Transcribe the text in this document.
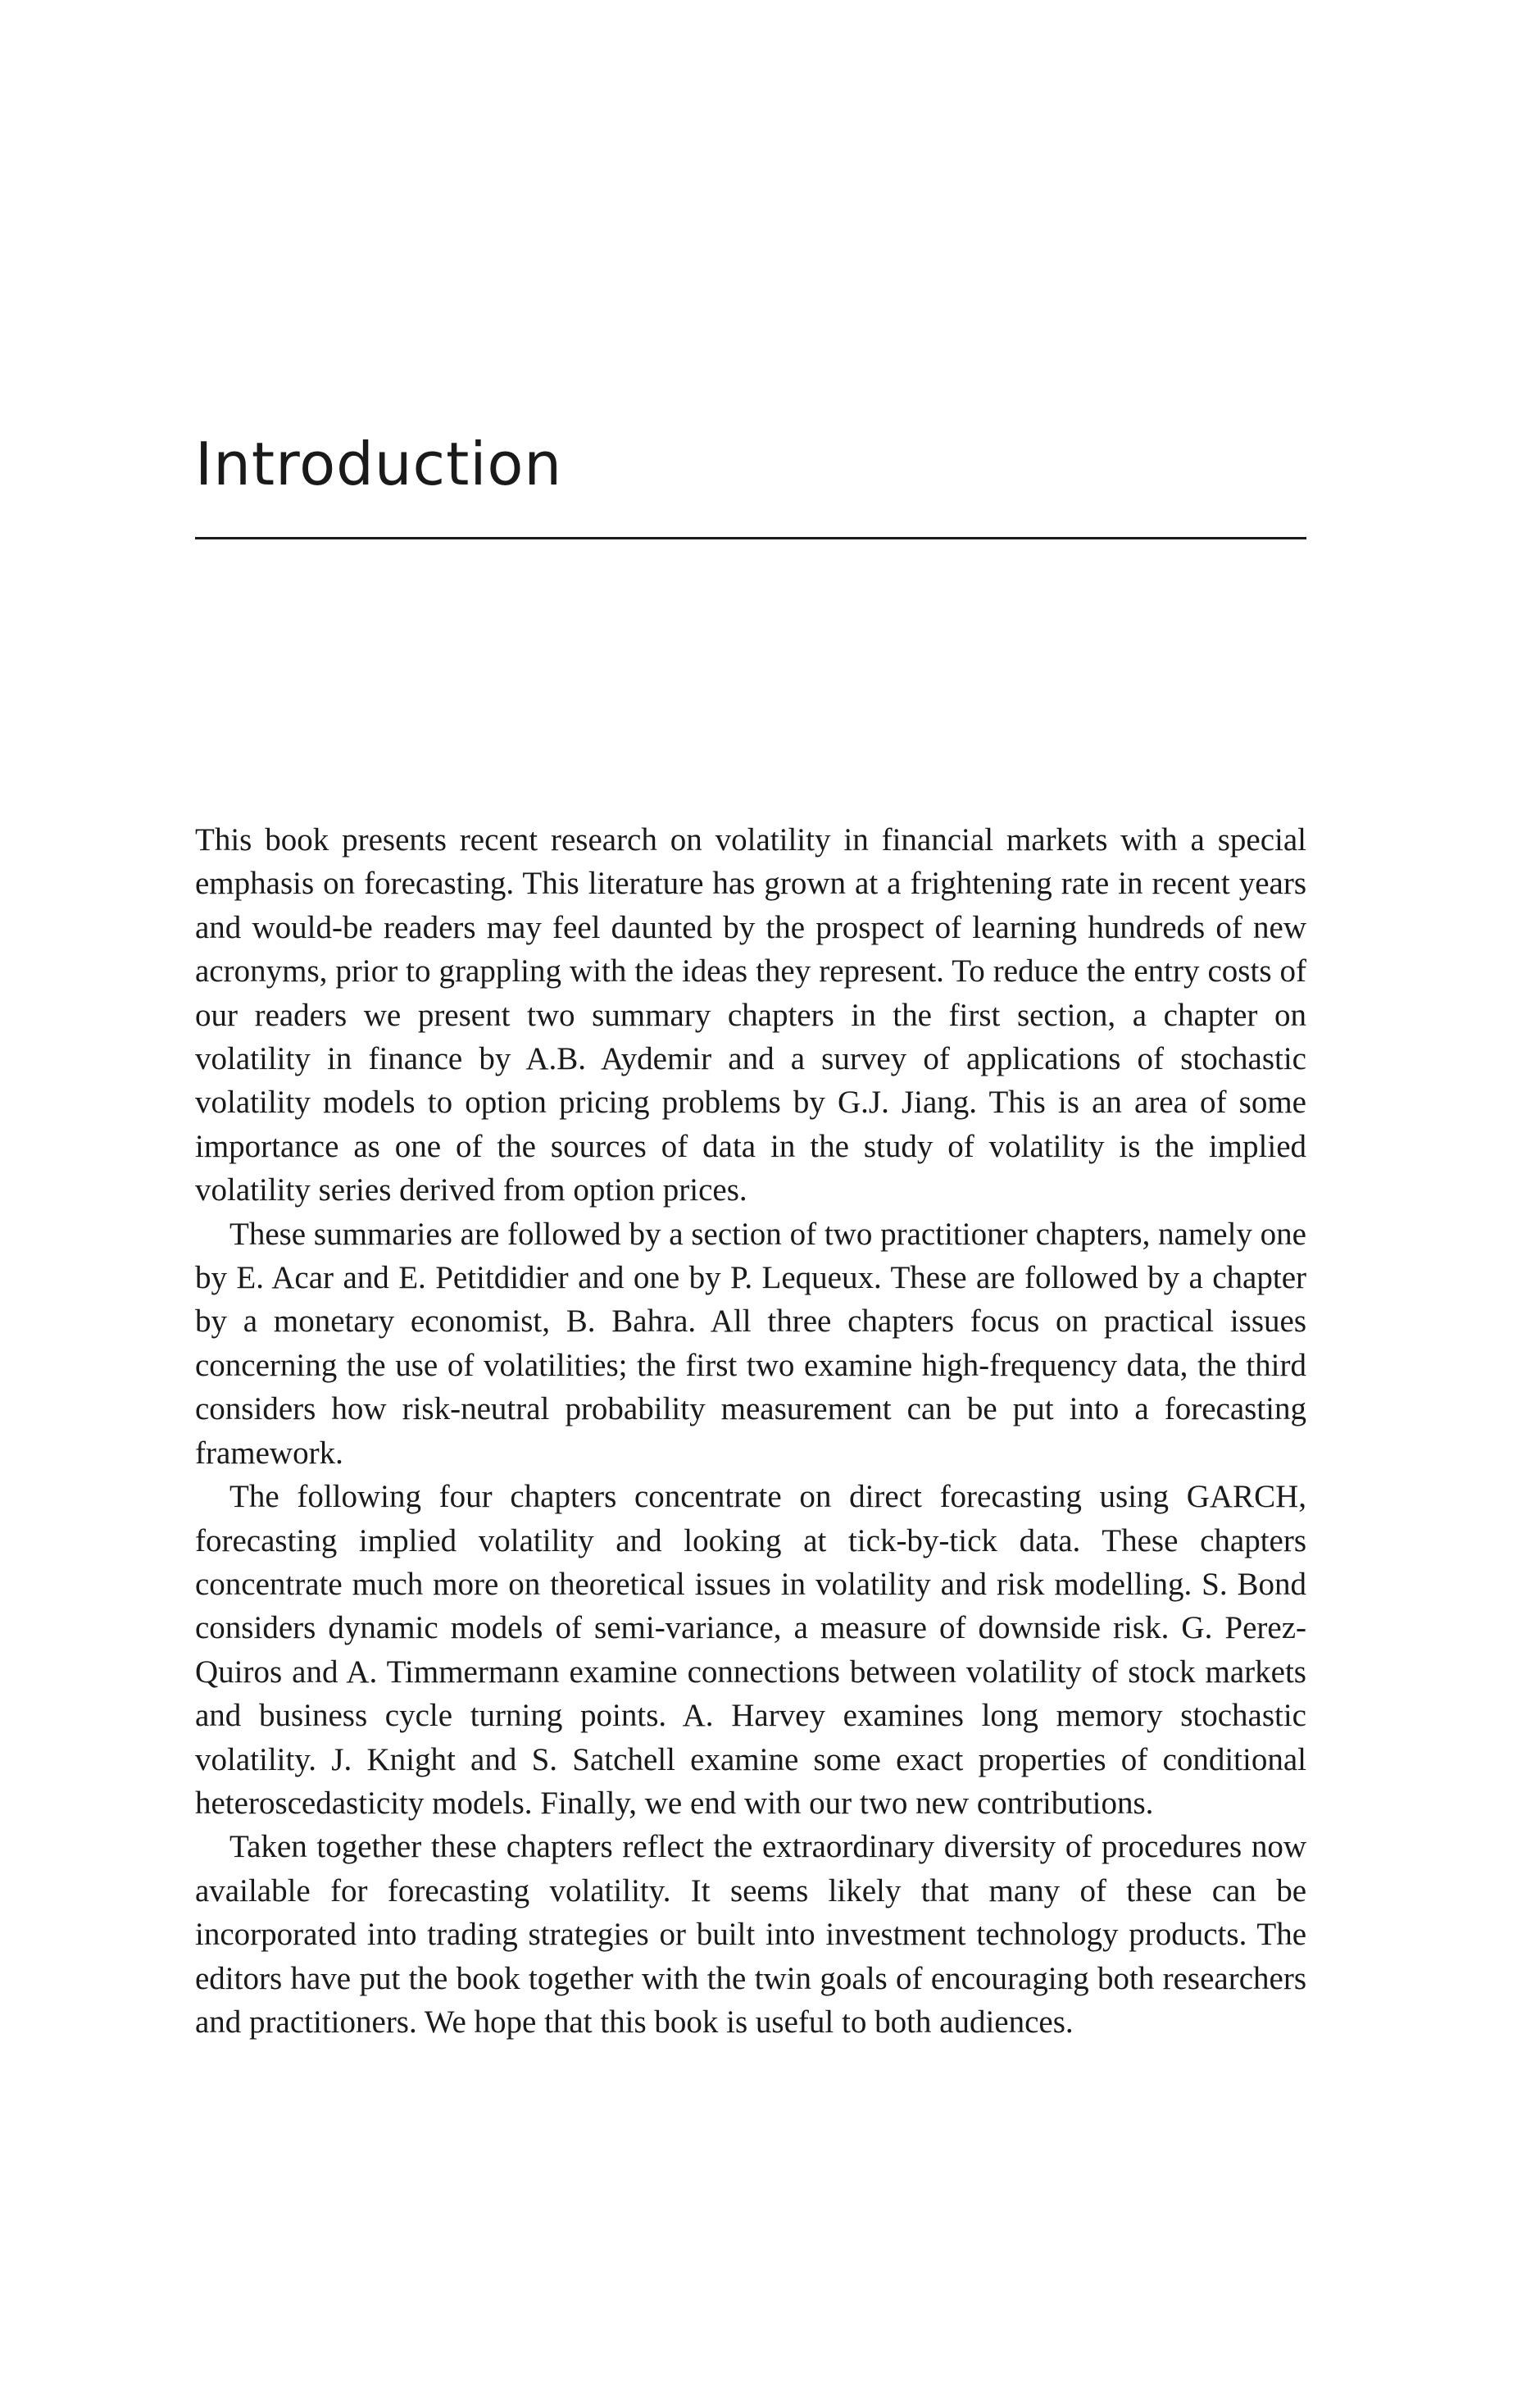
Introduction

This book presents recent research on volatility in financial markets with a special emphasis on forecasting. This literature has grown at a frightening rate in recent years and would-be readers may feel daunted by the prospect of learning hundreds of new acronyms, prior to grappling with the ideas they represent. To reduce the entry costs of our readers we present two summary chapters in the first section, a chapter on volatility in finance by A.B. Aydemir and a survey of applications of stochastic volatility models to option pricing problems by G.J. Jiang. This is an area of some importance as one of the sources of data in the study of volatility is the implied volatility series derived from option prices.

These summaries are followed by a section of two practitioner chapters, namely one by E. Acar and E. Petitdidier and one by P. Lequeux. These are followed by a chapter by a monetary economist, B. Bahra. All three chapters focus on practical issues concerning the use of volatilities; the first two examine high-frequency data, the third considers how risk-neutral probability measurement can be put into a forecasting framework.

The following four chapters concentrate on direct forecasting using GARCH, forecasting implied volatility and looking at tick-by-tick data. These chapters concentrate much more on theoretical issues in volatility and risk modelling. S. Bond considers dynamic models of semi-variance, a measure of downside risk. G. Perez-Quiros and A. Timmermann examine connections between volatility of stock markets and business cycle turning points. A. Harvey examines long memory stochastic volatility. J. Knight and S. Satchell examine some exact properties of conditional heteroscedasticity models. Finally, we end with our two new contributions.

Taken together these chapters reflect the extraordinary diversity of procedures now available for forecasting volatility. It seems likely that many of these can be incorporated into trading strategies or built into investment technology products. The editors have put the book together with the twin goals of encouraging both researchers and practitioners. We hope that this book is useful to both audiences.
